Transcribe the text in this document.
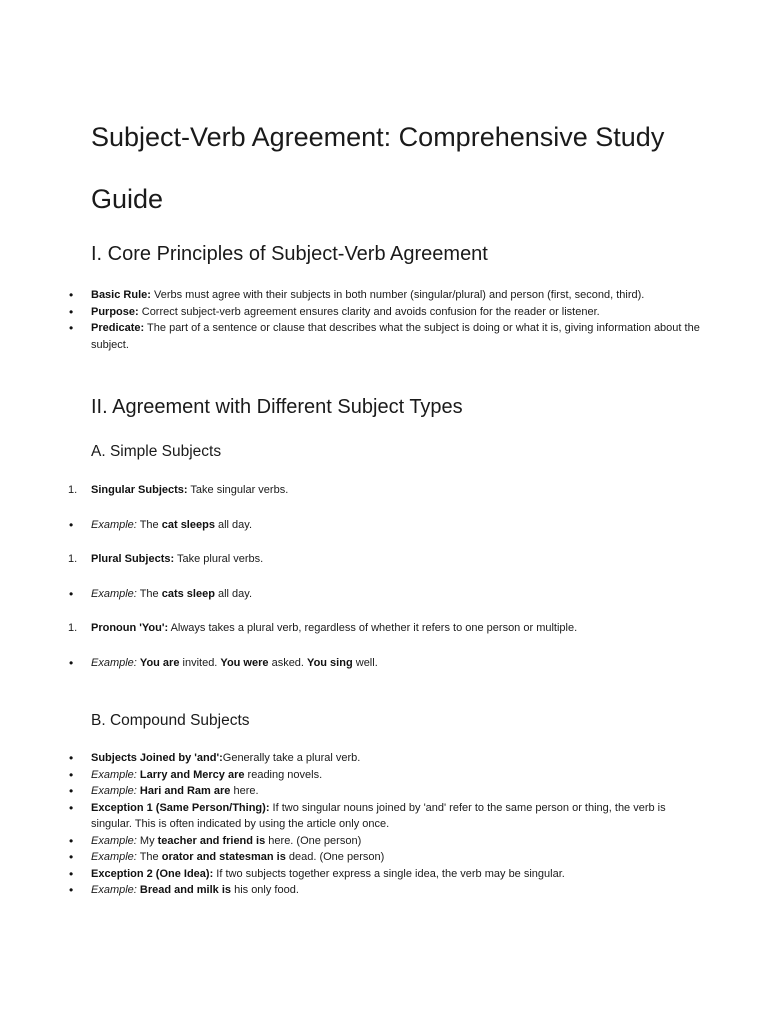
Subject-Verb Agreement: Comprehensive Study Guide
I. Core Principles of Subject-Verb Agreement
• Basic Rule: Verbs must agree with their subjects in both number (singular/plural) and person (first, second, third).
• Purpose: Correct subject-verb agreement ensures clarity and avoids confusion for the reader or listener.
• Predicate: The part of a sentence or clause that describes what the subject is doing or what it is, giving information about the subject.
II. Agreement with Different Subject Types
A. Simple Subjects

1. Singular Subjects: Take singular verbs.

• Example: The cat sleeps all day.

1. Plural Subjects: Take plural verbs.

• Example: The cats sleep all day.

1. Pronoun 'You': Always takes a plural verb, regardless of whether it refers to one person or multiple.

• Example: You are invited. You were asked. You sing well.

B. Compound Subjects
• Subjects Joined by 'and':Generally take a plural verb.
• Example: Larry and Mercy are reading novels.
• Example: Hari and Ram are here.
• Exception 1 (Same Person/Thing): If two singular nouns joined by 'and' refer to the same person or thing, the verb is singular. This is often indicated by using the article only once.
• Example: My teacher and friend is here. (One person)
• Example: The orator and statesman is dead. (One person)
• Exception 2 (One Idea): If two subjects together express a single idea, the verb may be singular.
• Example: Bread and milk is his only food.
